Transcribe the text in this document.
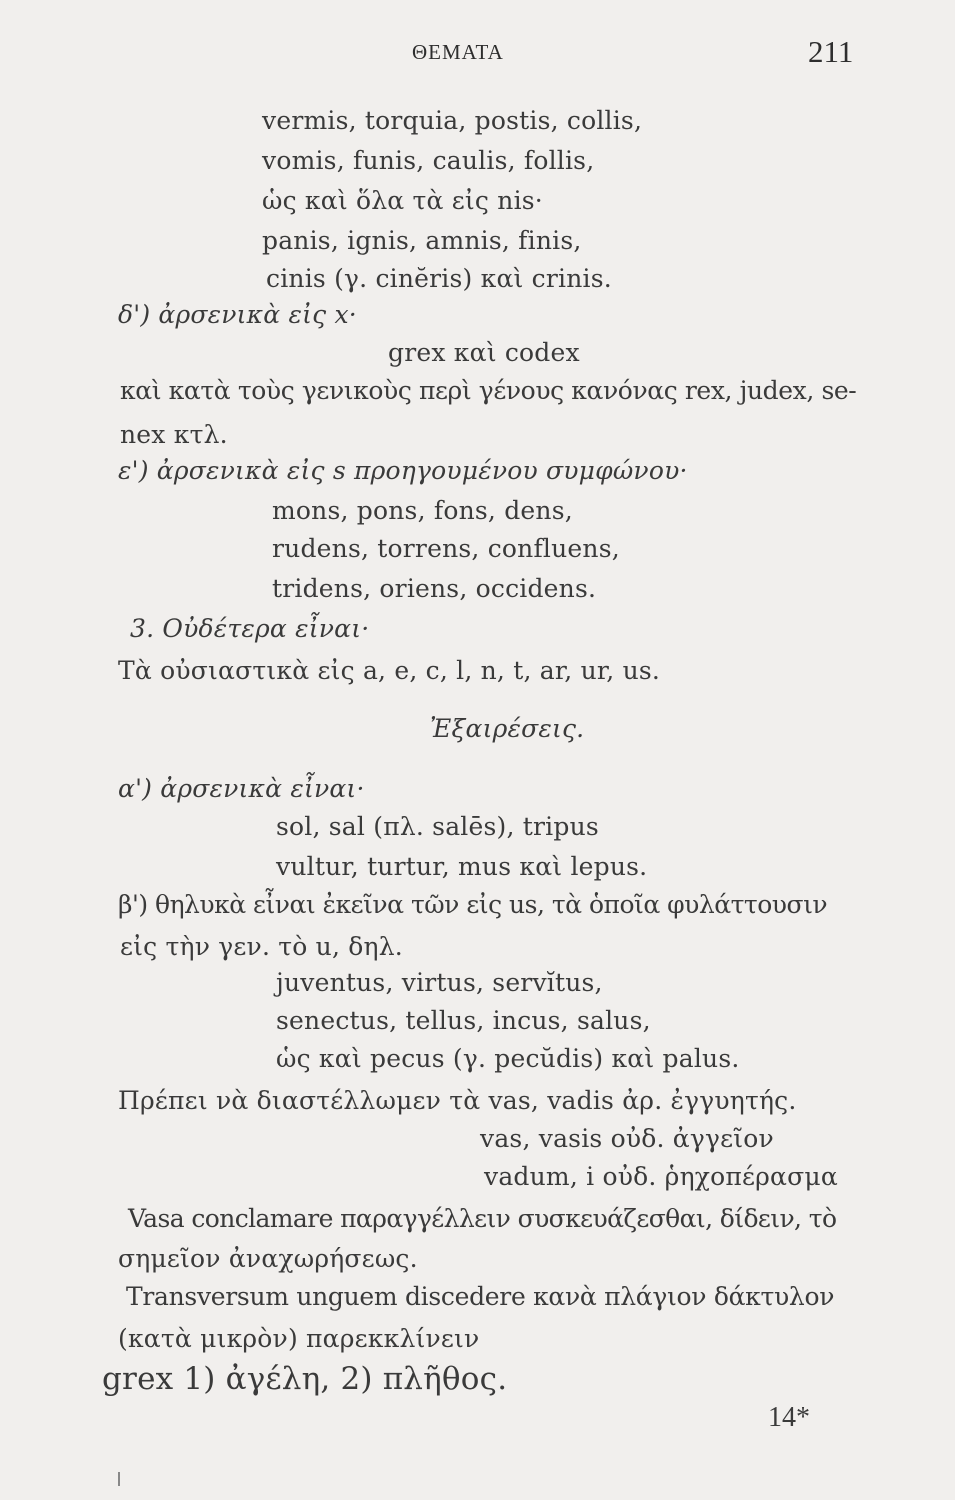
ΘΕΜΑΤΑ	211
vermis, torquia, postis, collis,
vomis, funis, caulis, follis,
ὡς καὶ ὅλα τὰ εἰς nis·
panis, ignis, amnis, finis,
cinis (γ. cinĕris) καὶ crinis.
δ') ἀρσενικὰ εἰς x·
grex καὶ codex
καὶ κατὰ τοὺς γενικοὺς περὶ γένους κανόνας rex, judex, se-
nex κτλ.
ε') ἀρσενικὰ εἰς s προηγουμένου συμφώνου·
mons, pons, fons, dens,
rudens, torrens, confluens,
tridens, oriens, occidens.
3. Οὐδέτερα εἶναι·
Τὰ οὐσιαστικὰ εἰς a, e, c, l, n, t, ar, ur, us.
Ἐξαιρέσεις.
α') ἀρσενικὰ εἶναι·
sol, sal (πλ. salēs), tripus
vultur, turtur, mus καὶ lepus.
β') θηλυκὰ εἶναι ἐκεῖνα τῶν εἰς us, τὰ ὁποῖα φυλάττουσιν
εἰς τὴν γεν. τὸ u, δηλ.
juventus, virtus, servĭtus,
senectus, tellus, incus, salus,
ὡς καὶ pecus (γ. pecŭdis) καὶ palus.
Πρέπει νὰ διαστέλλωμεν τὰ vas, vadis ἀρ. ἐγγυητής.
vas, vasis οὐδ. ἀγγεῖον
vadum, i οὐδ. ῥηχοπέρασμα
Vasa conclamare παραγγέλλειν συσκευάζεσθαι, δίδειν, τὸ
σημεῖον ἀναχωρήσεως.
Transversum unguem discedere κανὰ πλάγιον δάκτυλον
(κατὰ μικρὸν) παρεκκλίνειν
grex 1) ἀγέλη, 2) πλῆθος.
14*
